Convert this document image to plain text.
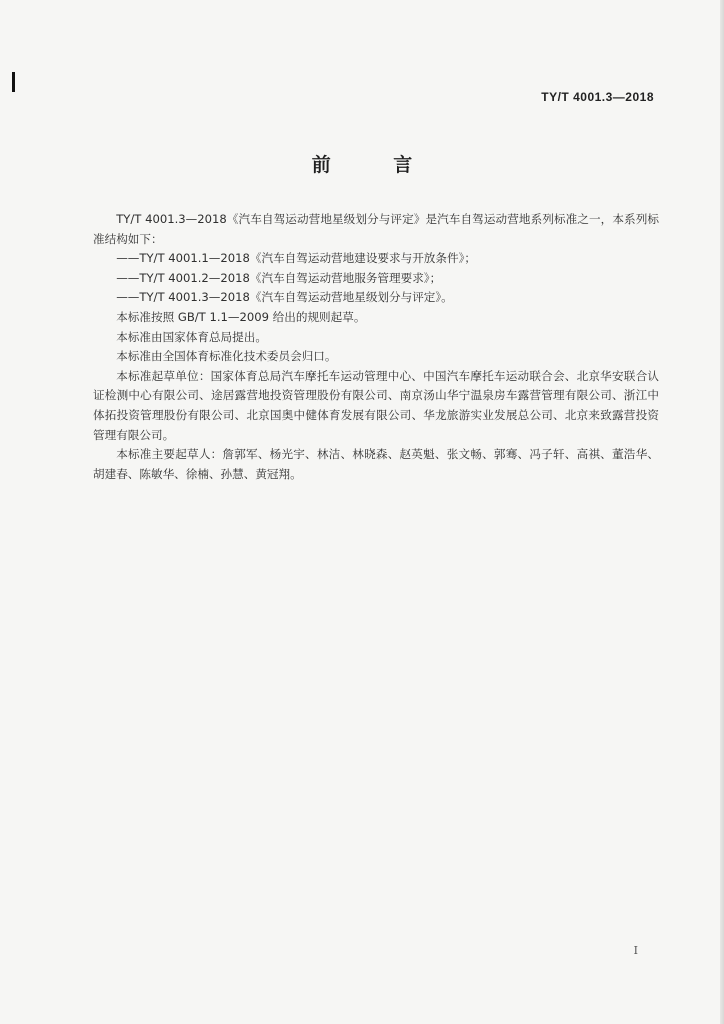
TY/T 4001.3—2018
前 言

TY/T 4001.3—2018《汽车自驾运动营地星级划分与评定》是汽车自驾运动营地系列标准之一，本系列标准结构如下：

——TY/T 4001.1—2018《汽车自驾运动营地建设要求与开放条件》；

——TY/T 4001.2—2018《汽车自驾运动营地服务管理要求》；

——TY/T 4001.3—2018《汽车自驾运动营地星级划分与评定》。

本标准按照 GB/T 1.1—2009 给出的规则起草。

本标准由国家体育总局提出。

本标准由全国体育标准化技术委员会归口。

本标准起草单位：国家体育总局汽车摩托车运动管理中心、中国汽车摩托车运动联合会、北京华安联合认证检测中心有限公司、途居露营地投资管理股份有限公司、南京汤山华宁温泉房车露营管理有限公司、浙江中体拓投资管理股份有限公司、北京国奥中健体育发展有限公司、华龙旅游实业发展总公司、北京来致露营投资管理有限公司。

本标准主要起草人：詹郭军、杨光宇、林洁、林晓森、赵英魁、张文畅、郭骞、冯子轩、高祺、董浩华、胡建春、陈敏华、徐楠、孙慧、黄冠翔。

I
